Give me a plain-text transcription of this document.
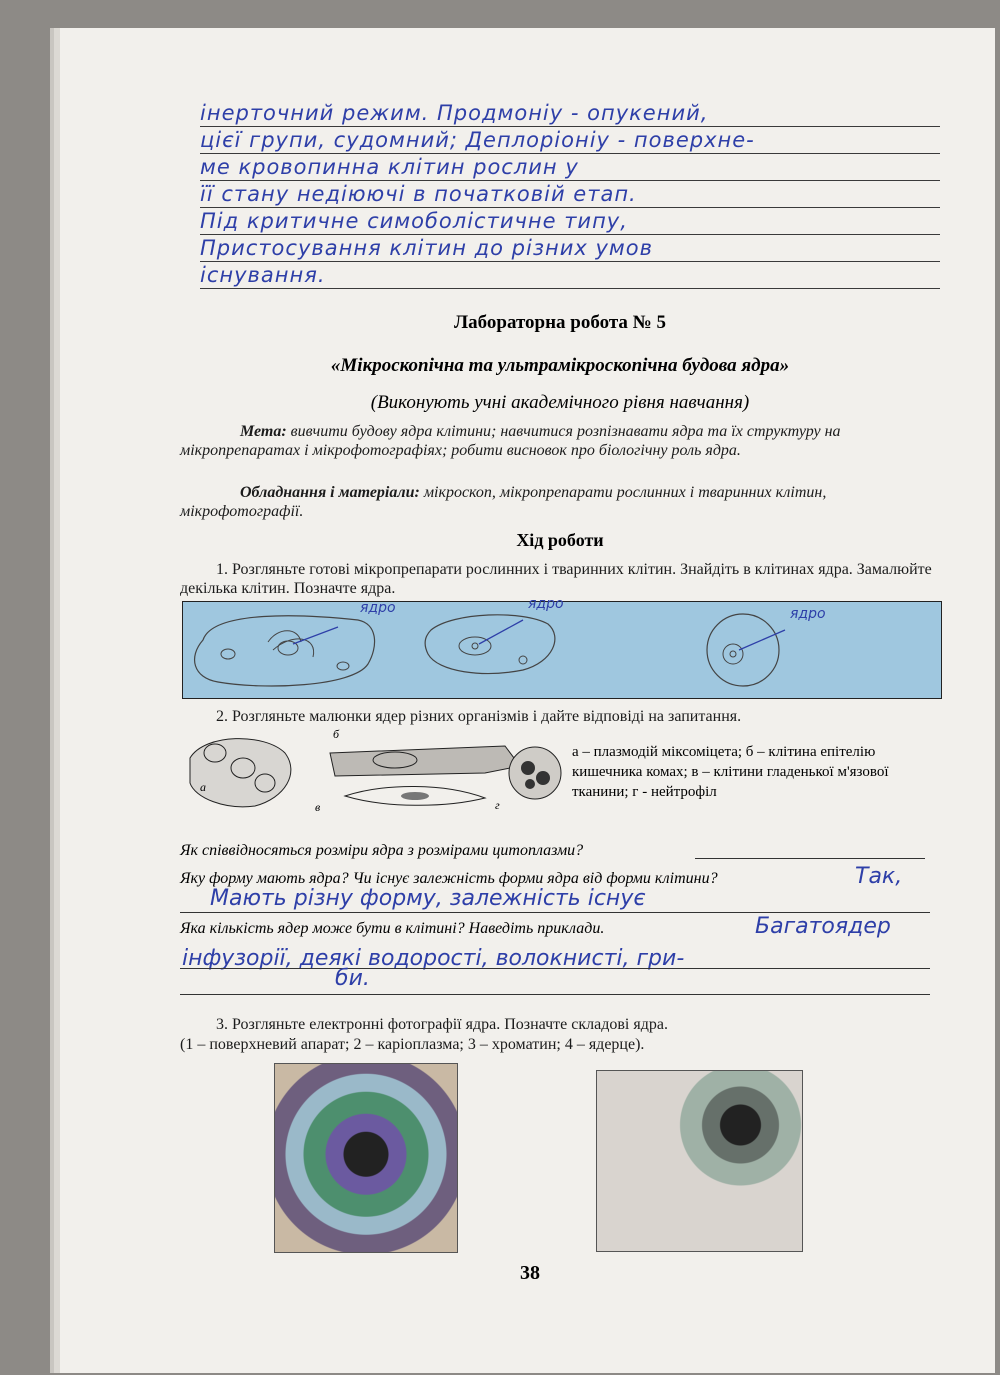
інерточний режим. Продмоніу - опукений,
цієї групи, судомний; Деплоріоніу - поверхне-
ме кровопинна клітин рослин у
її стану недіюючі в початковій етап.
Під критичне симоболістичне типу,
Пристосування клітин до різних умов
існування.
Лабораторна робота № 5
«Мікроскопічна та ультрамікроскопічна будова ядра»
(Виконують учні академічного рівня навчання)
Мета: вивчити будову ядра клітини; навчитися розпізнавати ядра та їх структуру на мікропрепаратах і мікрофотографіях; робити висновок про біологічну роль ядра.
Обладнання і матеріали: мікроскоп, мікропрепарати рослинних і тваринних клітин, мікрофотографії.
Хід роботи
1. Розгляньте готові мікропрепарати рослинних і тваринних клітин. Знайдіть в клітинах ядра. Замалюйте декілька клітин. Позначте ядра.
ядро	ядро
ядро
2. Розгляньте малюнки ядер різних організмів і дайте відповіді на запитання.
а
б
в	г
а – плазмодій міксоміцета; б – клітина епітелію кишечника комах; в – клітини гладенької м'язової тканини; г - нейтрофіл
Як співвідносяться розміри ядра з розмірами цитоплазми?
Яку форму мають ядра? Чи існує залежність форми ядра від форми клітини?	Так,
Мають різну форму, залежність існує
Яка кількість ядер може бути в клітині? Наведіть приклади.	Багатоядер
інфузорії, деякі водорості, волокнисті, гри-
би.
3. Розгляньте електронні фотографії ядра. Позначте складові ядра.
(1 – поверхневий апарат; 2 – каріоплазма; 3 – хроматин; 4 – ядерце).
38
